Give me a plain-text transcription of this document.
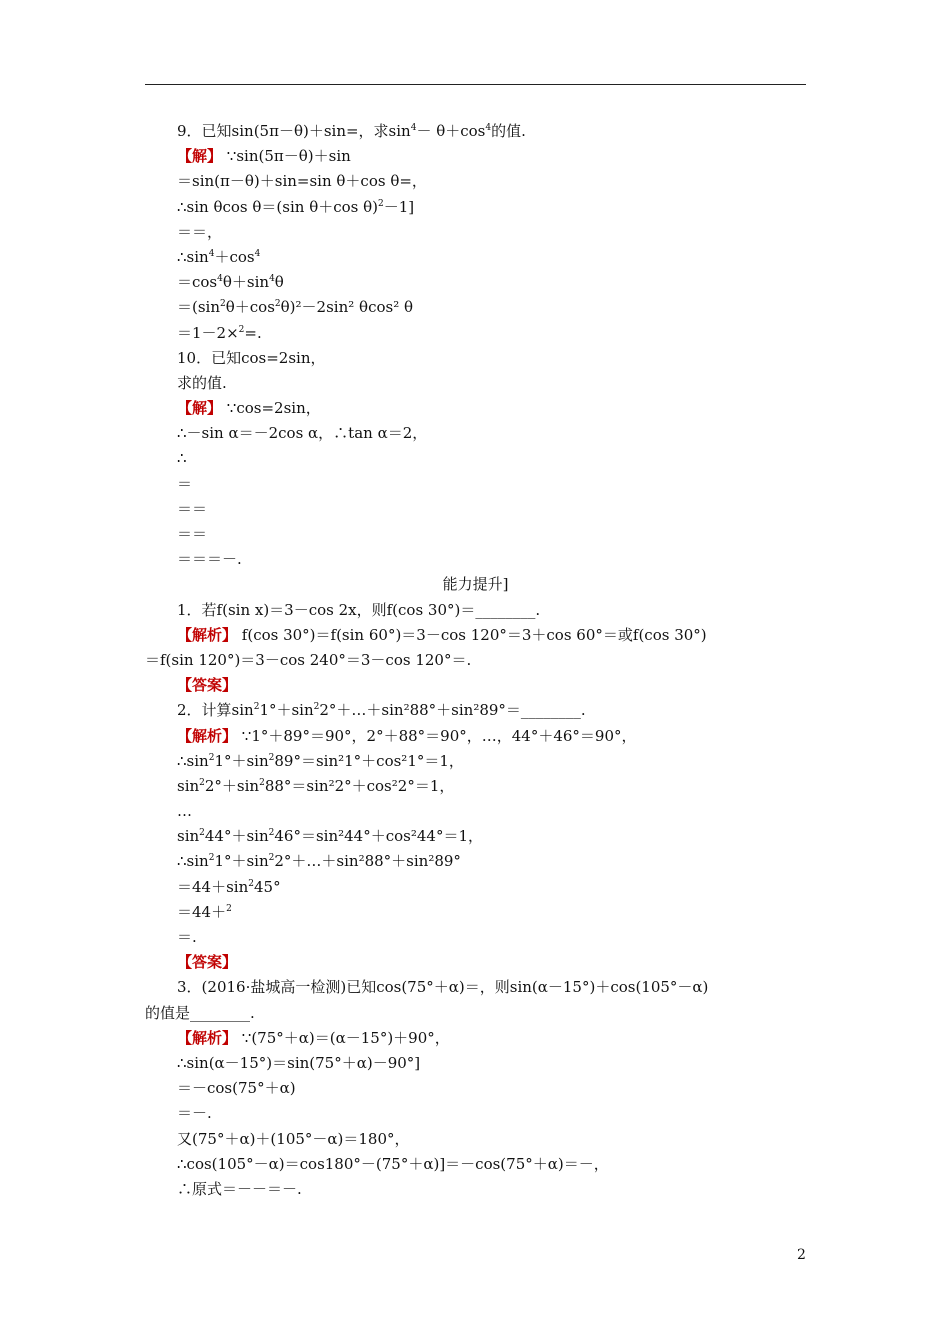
9．已知sin(5π－θ)＋sin=，求$\sin^4- \theta+\cos^4$的值.
【解】 ∵sin(5π－θ)＋sin
＝sin(π－θ)＋sin=sin θ＋cos θ=，
∴sin θcos θ＝(sin θ＋cos θ)$^2$－1]
＝＝，
$\therefore\sin^4+\cos^4$
$=\cos^4\theta+\sin^4\theta$
$=(\sin^2\theta+\cos^2\theta)^2-2\sin^2$ θcos² θ
＝1－2×$^2$=.
10．已知cos=2sin，
求的值.
【解】 ∵cos=2sin，
∴－sin α＝－2cos α，∴tan α＝2，
∴
＝
＝＝
＝＝
＝＝＝－.
能力提升]
1．若f(sin x)＝3－cos 2x，则f(cos 30°)＝________.
【解析】 f(cos 30°)＝f(sin 60°)＝3－cos 120°＝3＋cos 60°＝或f(cos 30°)
＝f(sin 120°)＝3－cos 240°＝3－cos 120°＝.
【答案】
2．计算$\sin^21^\circ+\sin^22^\circ+\dots+\sin^288^\circ+\sin^289^\circ=\_\_\_\_\_\_\_\_$.
【解析】 ∵1°＋89°＝90°，2°＋88°＝90°，…，44°＋46°＝90°，
$\therefore\sin^21^\circ+\sin^289^\circ=\sin^21^\circ+\cos^21^\circ=1$，
$\sin^22^\circ+\sin^288^\circ=\sin^22^\circ+\cos^22^\circ=1$，
…
$\sin^244^\circ+\sin^246^\circ=\sin^244^\circ+\cos^244^\circ=1$，
$\therefore\sin^21^\circ+\sin^22^\circ+\dots+\sin^288^\circ+\sin^289^\circ$
$=44+\sin^245^\circ$
＝44＋$^2$
＝.
【答案】
3．(2016·盐城高一检测)已知cos(75°＋α)＝，则sin(α－15°)＋cos(105°－α)
的值是________.
【解析】 ∵(75°＋α)＝(α－15°)＋90°，
∴sin(α－15°)＝sin(75°＋α)－90°]
＝－cos(75°＋α)
＝－.
又(75°＋α)＋(105°－α)＝180°，
∴cos(105°－α)＝cos180°－(75°＋α)]＝－cos(75°＋α)＝－，
∴原式＝－－＝－.
2
